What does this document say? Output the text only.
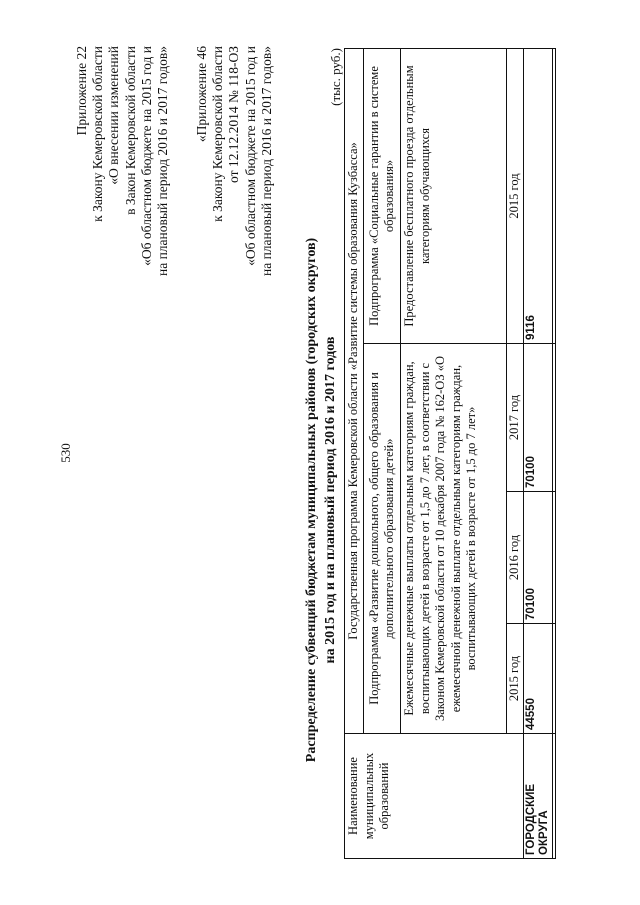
530
Приложение 22 к Закону Кемеровской области «О внесении изменений в Закон Кемеровской области «Об областном бюджете на 2015 год и на плановый период 2016 и 2017 годов» «Приложение 46 к Закону Кемеровской области от 12.12.2014 № 118-ОЗ «Об областном бюджете на 2015 год и на плановый период 2016 и 2017 годов»
Распределение субвенций бюджетам муниципальных районов (городских округов) на 2015 год и на плановый период 2016 и 2017 годов
(тыс. руб.)
Наименование муниципальных образований	Государственная программа Кемеровской области «Развитие системы образования Кузбасса»			
	Подпрограмма «Развитие дошкольного, общего образования и дополнительного образования детей»			Подпрограмма «Социальные гарантии в системе образования»
	Ежемесячные денежные выплаты отдельным категориям граждан, воспитывающих детей в возрасте от 1,5 до 7 лет, в соответствии с Законом Кемеровской области от 10 декабря 2007 года № 162-ОЗ «О ежемесячной денежной выплате отдельным категориям граждан, воспитывающих детей в возрасте от 1,5 до 7 лет»			Предоставление бесплатного проезда отдельным категориям обучающихся
	2015 год	2016 год	2017 год	2015 год
ГОРОДСКИЕ ОКРУГА	44550	70100	70100	9116
